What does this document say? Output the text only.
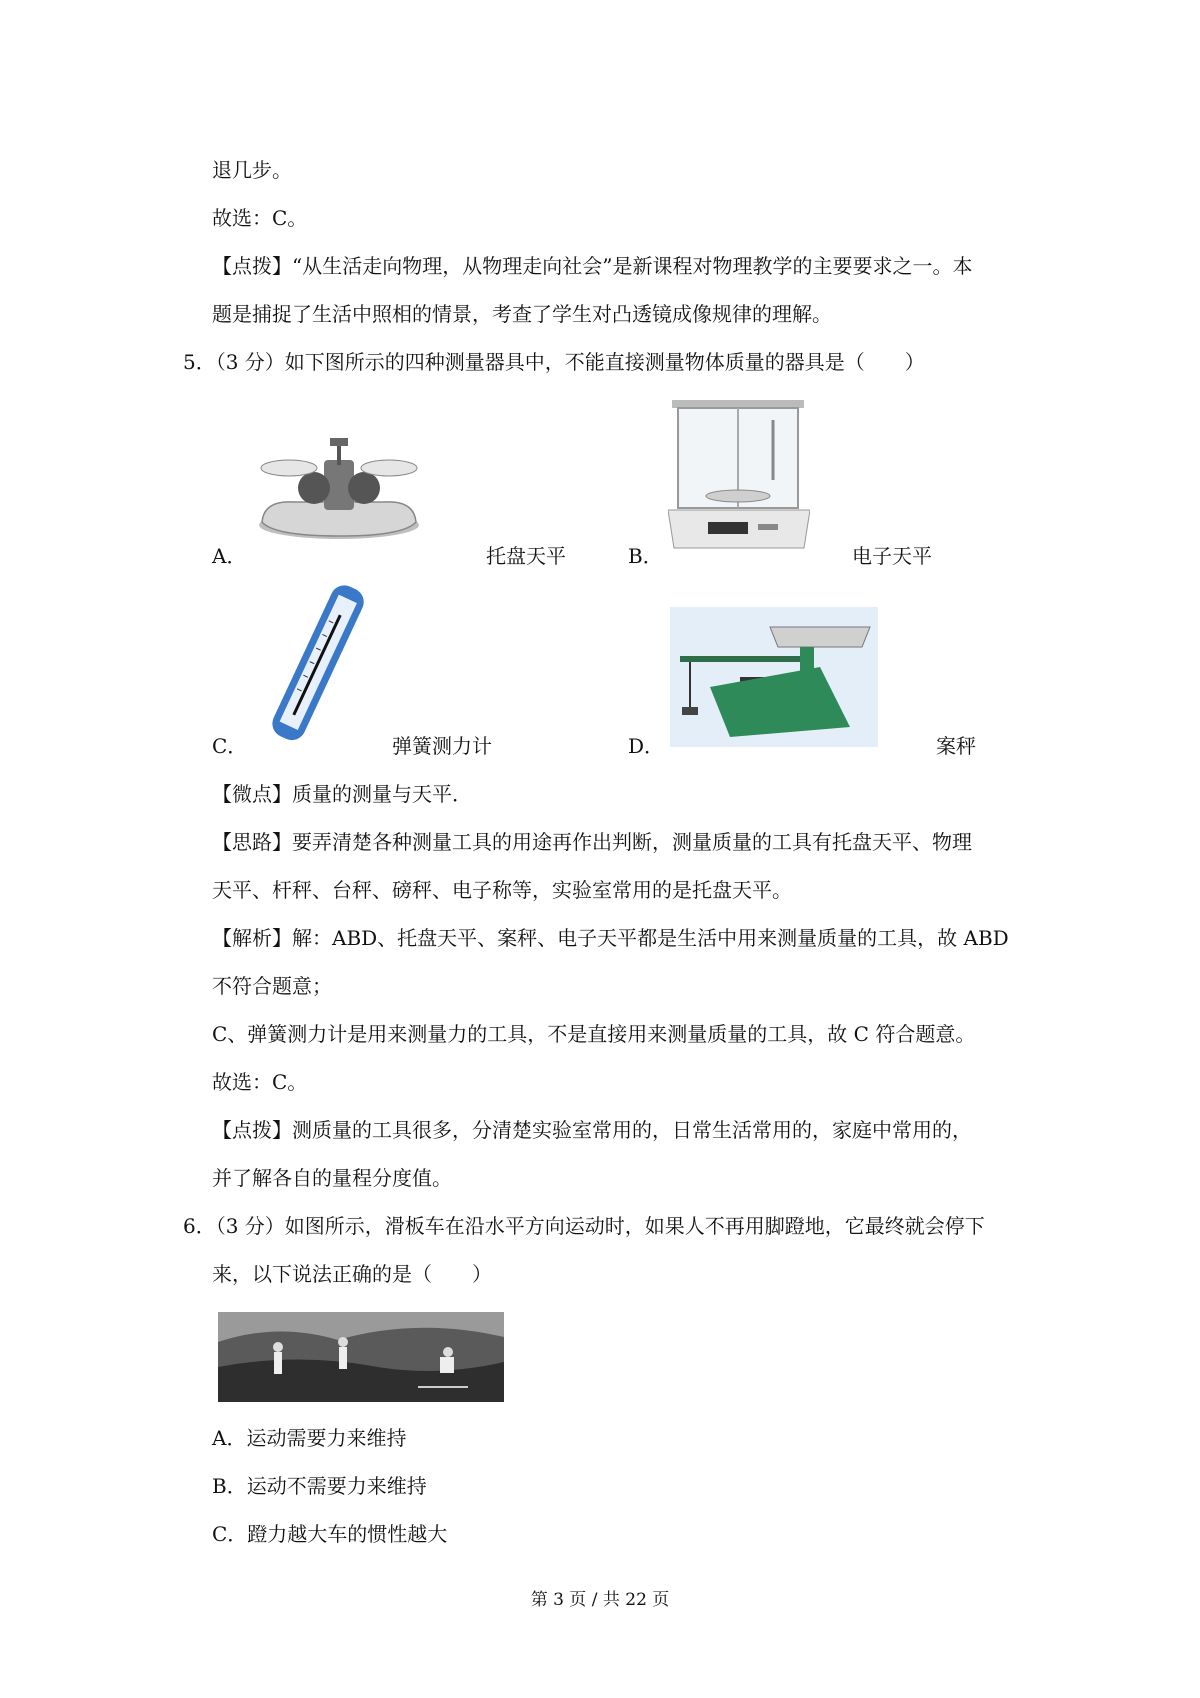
退几步。
故选：C。
【点拨】“从生活走向物理，从物理走向社会”是新课程对物理教学的主要要求之一。本
题是捕捉了生活中照相的情景，考查了学生对凸透镜成像规律的理解。
5．（3 分）如下图所示的四种测量器具中，不能直接测量物体质量的器具是（　　）
A．	托盘天平	B．	电子天平
C．	弹簧测力计	D．	案秤
【微点】质量的测量与天平．
【思路】要弄清楚各种测量工具的用途再作出判断，测量质量的工具有托盘天平、物理
天平、杆秤、台秤、磅秤、电子称等，实验室常用的是托盘天平。
【解析】解：ABD、托盘天平、案秤、电子天平都是生活中用来测量质量的工具，故 ABD
不符合题意；
C、弹簧测力计是用来测量力的工具，不是直接用来测量质量的工具，故 C 符合题意。
故选：C。
【点拨】测质量的工具很多，分清楚实验室常用的，日常生活常用的，家庭中常用的，
并了解各自的量程分度值。
6．（3 分）如图所示，滑板车在沿水平方向运动时，如果人不再用脚蹬地，它最终就会停下
来，以下说法正确的是（　　）
A．运动需要力来维持
B．运动不需要力来维持
C．蹬力越大车的惯性越大
第 3 页 / 共 22 页
